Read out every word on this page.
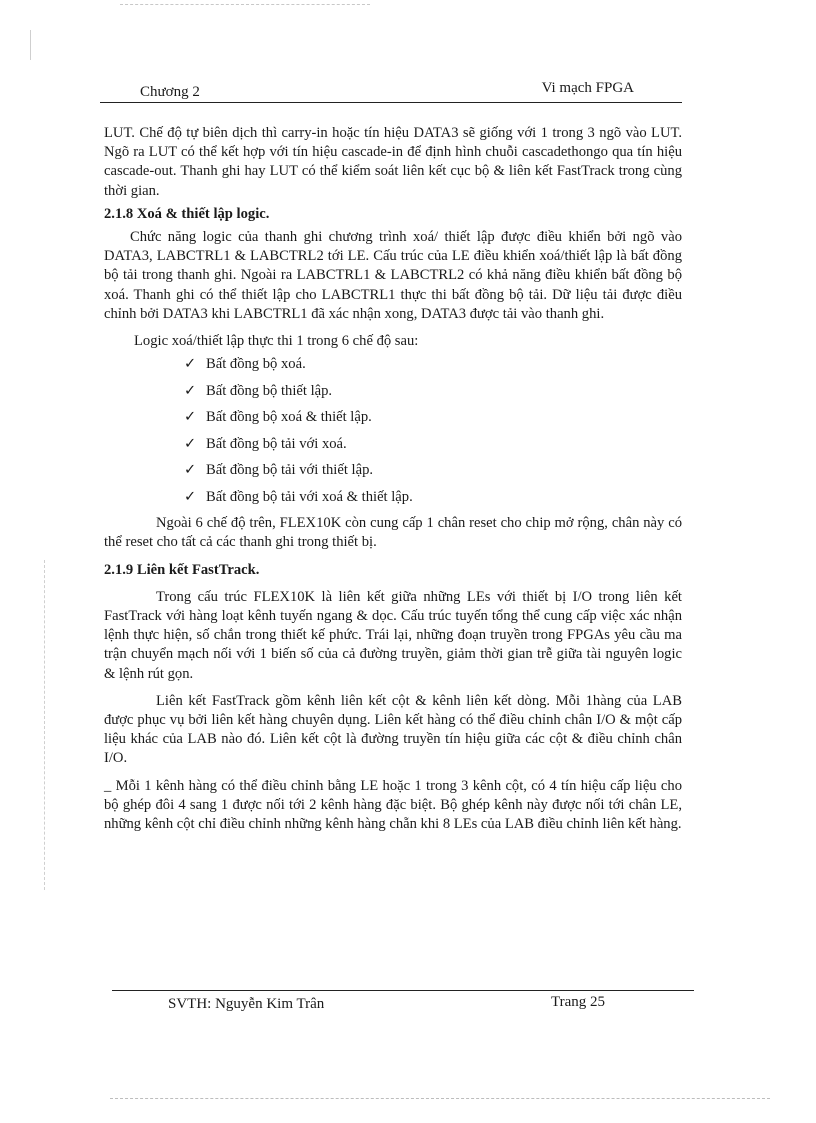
Chương 2	Vi mạch FPGA

LUT. Chế độ tự biên dịch thì carry-in hoặc tín hiệu DATA3 sẽ giống với 1 trong 3 ngõ vào LUT. Ngõ ra LUT có thể kết hợp với tín hiệu cascade-in để định hình chuỗi cascadethongo qua tín hiệu cascade-out. Thanh ghi hay LUT có thể kiểm soát liên kết cục bộ & liên kết FastTrack trong cùng thời gian.

2.1.8 Xoá & thiết lập logic.

Chức năng logic của thanh ghi chương trình xoá/ thiết lập được điều khiển bởi ngõ vào DATA3, LABCTRL1 & LABCTRL2 tới LE. Cấu trúc của LE điều khiển xoá/thiết lập là bất đồng bộ tải trong thanh ghi. Ngoài ra LABCTRL1 & LABCTRL2 có khả năng điều khiển bất đồng bộ xoá. Thanh ghi có thể thiết lập cho LABCTRL1 thực thi bất đồng bộ tải. Dữ liệu tải được điều chỉnh bởi DATA3 khi LABCTRL1 đã xác nhận xong, DATA3 được tải vào thanh ghi.

Logic xoá/thiết lập thực thi 1 trong 6 chế độ sau:

✓ Bất đồng bộ xoá.
✓ Bất đồng bộ thiết lập.
✓ Bất đồng bộ xoá & thiết lập.
✓ Bất đồng bộ tải với xoá.
✓ Bất đồng bộ tải với thiết lập.
✓ Bất đồng bộ tải với xoá & thiết lập.

Ngoài 6 chế độ trên, FLEX10K còn cung cấp 1 chân reset cho chip mở rộng, chân này có thể reset cho tất cả các thanh ghi trong thiết bị.

2.1.9 Liên kết FastTrack.

Trong cấu trúc FLEX10K là liên kết giữa những LEs với thiết bị I/O trong liên kết FastTrack với hàng loạt kênh tuyến ngang & dọc. Cấu trúc tuyến tổng thể cung cấp việc xác nhận lệnh thực hiện, số chắn trong thiết kế phức. Trái lại, những đoạn truyền trong FPGAs yêu cầu ma trận chuyển mạch nối với 1 biến số của cả đường truyền, giảm thời gian trễ giữa tài nguyên logic & lệnh rút gọn.

Liên kết FastTrack gồm kênh liên kết cột & kênh liên kết dòng. Mỗi 1hàng của LAB được phục vụ bởi liên kết hàng chuyên dụng. Liên kết hàng có thể điều chỉnh chân I/O & một cấp liệu khác của LAB nào đó. Liên kết cột là đường truyền tín hiệu giữa các cột & điều chỉnh chân I/O.

_ Mỗi 1 kênh hàng có thể điều chỉnh bằng LE hoặc 1 trong 3 kênh cột, có 4 tín hiệu cấp liệu cho bộ ghép đôi 4 sang 1 được nối tới 2 kênh hàng đặc biệt. Bộ ghép kênh này được nối tới chân LE, những kênh cột chỉ điều chỉnh những kênh hàng chẵn khi 8 LEs của LAB điều chỉnh liên kết hàng.

SVTH: Nguyễn Kim Trân	Trang 25
